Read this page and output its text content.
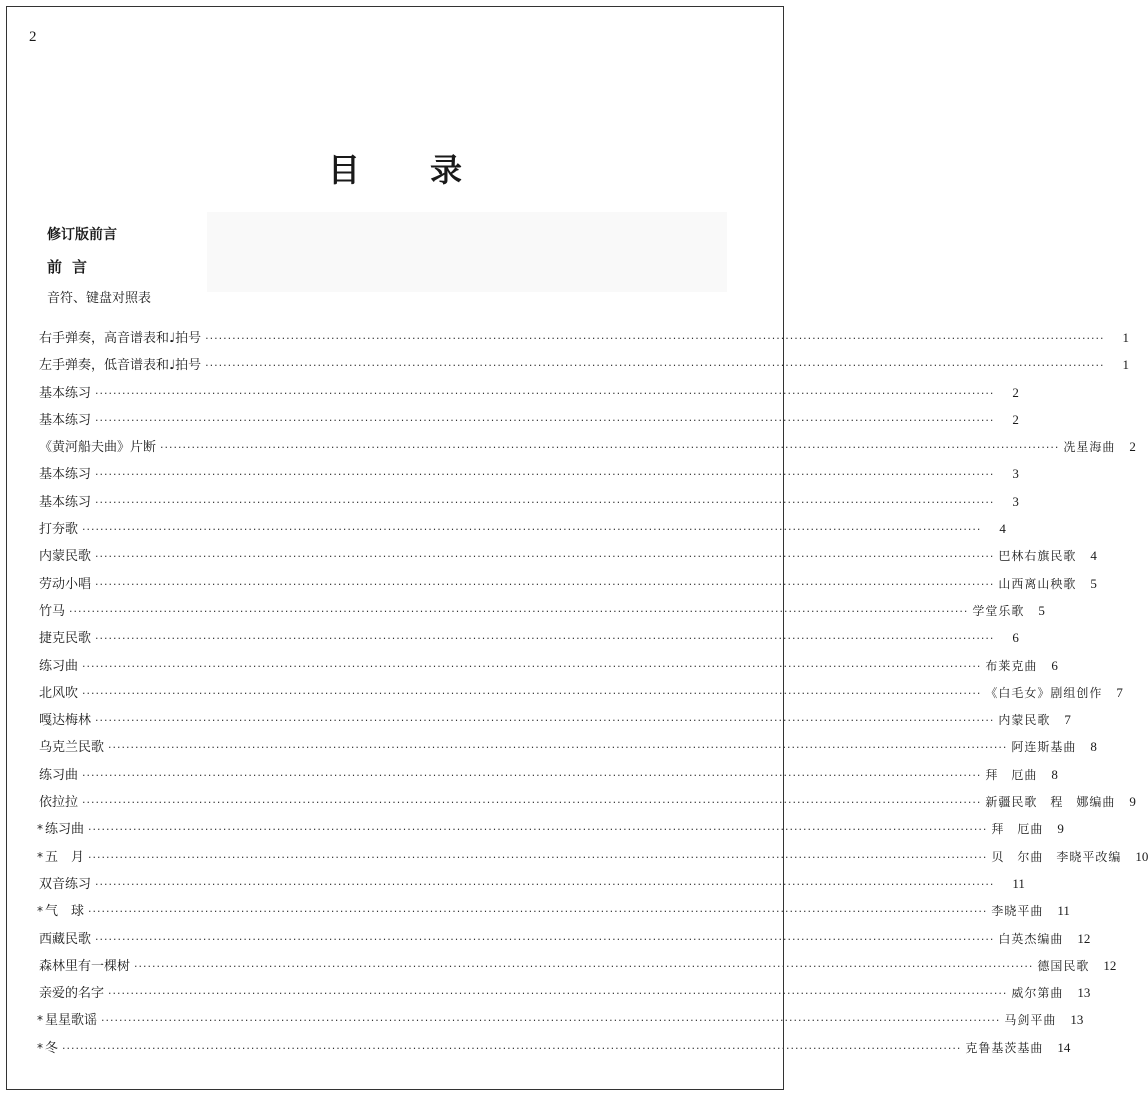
2
目 录
修订版前言
前言
音符、键盘对照表
右手弹奏，高音谱表和♩拍号 ········································································································································································································ 1
左手弹奏，低音谱表和♩拍号 ········································································································································································································ 1
基本练习 ········································································································································································································ 2
基本练习 ········································································································································································································ 2
《黄河船夫曲》片断 ········································································································································································································ 冼星海曲 2
基本练习 ········································································································································································································ 3
基本练习 ········································································································································································································ 3
打夯歌 ········································································································································································································ 4
内蒙民歌 ········································································································································································································ 巴林右旗民歌 4
劳动小唱 ········································································································································································································ 山西离山秧歌 5
竹马 ········································································································································································································ 学堂乐歌 5
捷克民歌 ········································································································································································································ 6
练习曲 ········································································································································································································ 布莱克曲 6
北风吹 ········································································································································································································ 《白毛女》剧组创作 7
嘎达梅林 ········································································································································································································ 内蒙民歌 7
乌克兰民歌 ········································································································································································································ 阿连斯基曲 8
练习曲 ········································································································································································································ 拜　厄曲 8
依拉拉 ········································································································································································································ 新疆民歌　程　娜编曲 9
* 练习曲 ········································································································································································································ 拜　厄曲 9
* 五　月 ········································································································································································································ 贝　尔曲　李晓平改编 10
双音练习 ········································································································································································································ 11
* 气　球 ········································································································································································································ 李晓平曲 11
西藏民歌 ········································································································································································································ 白英杰编曲 12
森林里有一棵树 ········································································································································································································ 德国民歌 12
亲爱的名字 ········································································································································································································ 威尔第曲 13
* 星星歌谣 ········································································································································································································ 马剑平曲 13
* 冬 ········································································································································································································ 克鲁基茨基曲 14
